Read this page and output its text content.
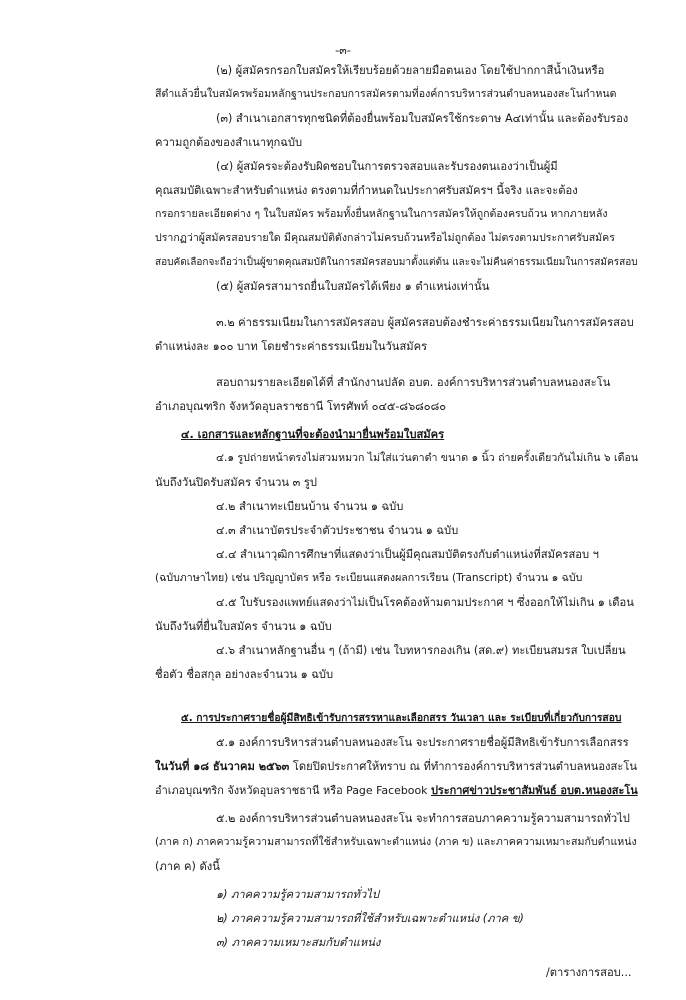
-๓-
(๒) ผู้สมัครกรอกใบสมัครให้เรียบร้อยด้วยลายมือตนเอง โดยใช้ปากกาสีน้ำเงินหรือ
สีดำแล้วยื่นใบสมัครพร้อมหลักฐานประกอบการสมัครตามที่องค์การบริหารส่วนตำบลหนองสะโนกำหนด
(๓) สำเนาเอกสารทุกชนิดที่ต้องยื่นพร้อมใบสมัครใช้กระดาษ A๔เท่านั้น และต้องรับรอง
ความถูกต้องของสำเนาทุกฉบับ
(๔) ผู้สมัครจะต้องรับผิดชอบในการตรวจสอบและรับรองตนเองว่าเป็นผู้มี
คุณสมบัติเฉพาะสำหรับตำแหน่ง ตรงตามที่กำหนดในประกาศรับสมัครฯ นี้จริง และจะต้อง
กรอกรายละเอียดต่าง ๆ ในใบสมัคร พร้อมทั้งยื่นหลักฐานในการสมัครให้ถูกต้องครบถ้วน หากภายหลัง
ปรากฏว่าผู้สมัครสอบรายใด มีคุณสมบัติดังกล่าวไม่ครบถ้วนหรือไม่ถูกต้อง ไม่ตรงตามประกาศรับสมัคร
สอบคัดเลือกจะถือว่าเป็นผู้ขาดคุณสมบัติในการสมัครสอบมาตั้งแต่ต้น และจะไม่คืนค่าธรรมเนียมในการสมัครสอบ
(๕) ผู้สมัครสามารถยื่นใบสมัครได้เพียง ๑ ตำแหน่งเท่านั้น
๓.๒ ค่าธรรมเนียมในการสมัครสอบ ผู้สมัครสอบต้องชำระค่าธรรมเนียมในการสมัครสอบ
ตำแหน่งละ ๑๐๐ บาท โดยชำระค่าธรรมเนียมในวันสมัคร
สอบถามรายละเอียดได้ที่ สำนักงานปลัด อบต. องค์การบริหารส่วนตำบลหนองสะโน
อำเภอบุณฑริก จังหวัดอุบลราชธานี โทรศัพท์ ๐๔๕-๘๖๘๐๘๐
๔. เอกสารและหลักฐานที่จะต้องนำมายื่นพร้อมใบสมัคร
๔.๑ รูปถ่ายหน้าตรงไม่สวมหมวก ไม่ใส่แว่นตาดำ ขนาด ๑ นิ้ว ถ่ายครั้งเดียวกันไม่เกิน ๖ เดือน
นับถึงวันปิดรับสมัคร จำนวน ๓ รูป
๔.๒ สำเนาทะเบียนบ้าน จำนวน ๑ ฉบับ
๔.๓ สำเนาบัตรประจำตัวประชาชน จำนวน ๑ ฉบับ
๔.๔ สำเนาวุฒิการศึกษาที่แสดงว่าเป็นผู้มีคุณสมบัติตรงกับตำแหน่งที่สมัครสอบ ฯ
(ฉบับภาษาไทย) เช่น ปริญญาบัตร หรือ ระเบียนแสดงผลการเรียน (Transcript) จำนวน ๑ ฉบับ
๔.๕ ใบรับรองแพทย์แสดงว่าไม่เป็นโรคต้องห้ามตามประกาศ ฯ ซึ่งออกให้ไม่เกิน ๑ เดือน
นับถึงวันที่ยื่นใบสมัคร จำนวน ๑ ฉบับ
๔.๖ สำเนาหลักฐานอื่น ๆ (ถ้ามี) เช่น ใบทหารกองเกิน (สด.๙) ทะเบียนสมรส ใบเปลี่ยน
ชื่อตัว ชื่อสกุล อย่างละจำนวน ๑ ฉบับ
๕. การประกาศรายชื่อผู้มีสิทธิเข้ารับการสรรหาและเลือกสรร วันเวลา และ ระเบียบที่เกี่ยวกับการสอบ
๕.๑ องค์การบริหารส่วนตำบลหนองสะโน จะประกาศรายชื่อผู้มีสิทธิเข้ารับการเลือกสรร
ในวันที่ ๑๘ ธันวาคม ๒๕๖๓ โดยปิดประกาศให้ทราบ ณ ที่ทำการองค์การบริหารส่วนตำบลหนองสะโน
อำเภอบุณฑริก จังหวัดอุบลราชธานี หรือ Page Facebook ประกาศข่าวประชาสัมพันธ์ อบต.หนองสะโน
๕.๒ องค์การบริหารส่วนตำบลหนองสะโน จะทำการสอบภาคความรู้ความสามารถทั่วไป
(ภาค ก) ภาคความรู้ความสามารถที่ใช้สำหรับเฉพาะตำแหน่ง (ภาค ข) และภาคความเหมาะสมกับตำแหน่ง
(ภาค ค) ดังนี้
๑) ภาคความรู้ความสามารถทั่วไป
๒) ภาคความรู้ความสามารถที่ใช้สำหรับเฉพาะตำแหน่ง (ภาค ข)
๓) ภาคความเหมาะสมกับตำแหน่ง
/ตารางการสอบ...
